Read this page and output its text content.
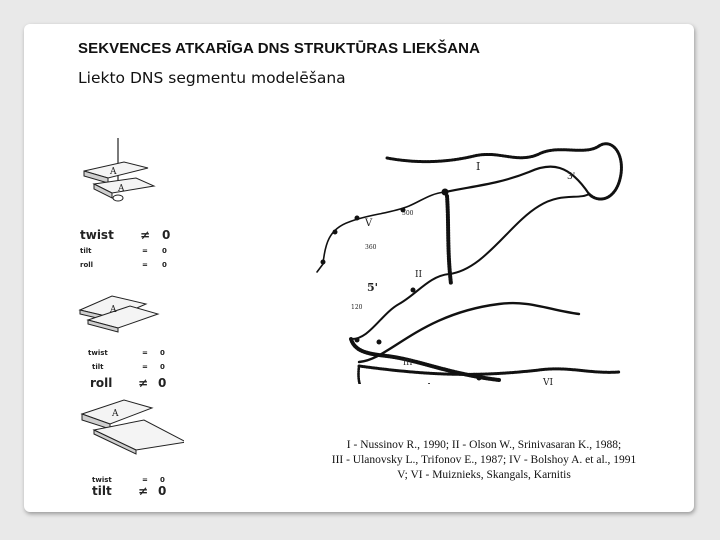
SEKVENCES ATKARĪGA DNS STRUKTŪRAS LIEKŠANA
Liekto DNS segmentu modelēšana
A
A
A
A
twist ≠ 0
tilt	= 0
roll	= 0
twist	= 0
tilt	= 0
roll ≠ 0
twist	= 0
tilt ≠ 0
I
3'
500
V
360
II
5'
120
III
VI
I - Nussinov R., 1990; II - Olson W., Srinivasaran K., 1988;
III - Ulanovsky L., Trifonov E., 1987; IV - Bolshoy A. et al., 1991
V; VI - Muiznieks, Skangals, Karnitis
